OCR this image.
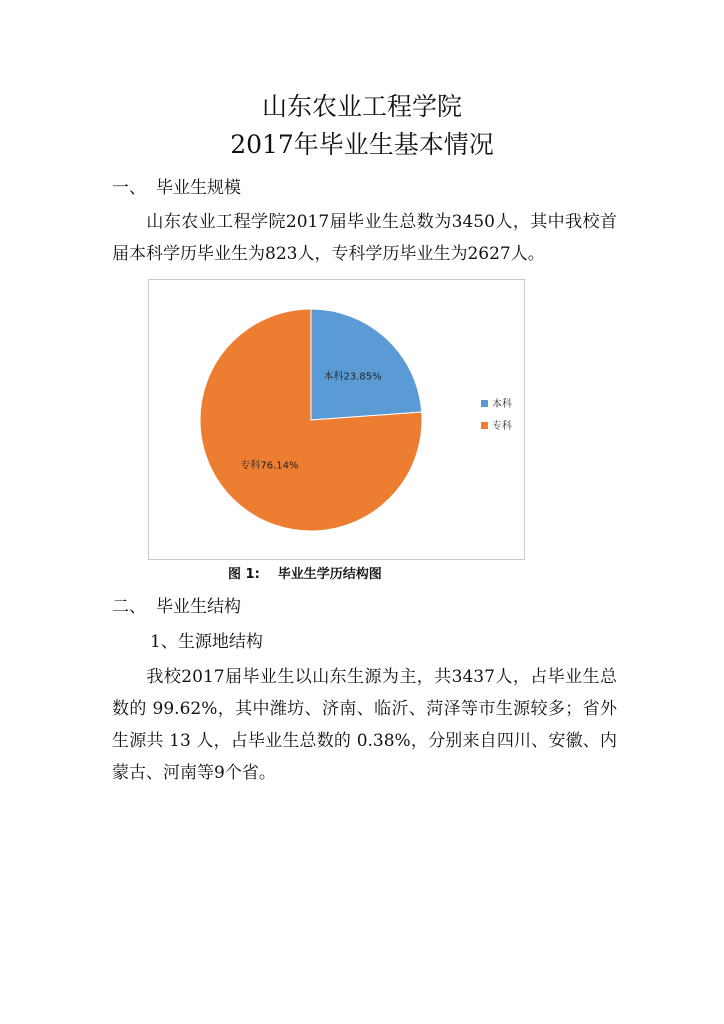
山东农业工程学院
2017年毕业生基本情况
一、 毕业生规模
山东农业工程学院2017届毕业生总数为3450人，其中我校首届本科学历毕业生为823人，专科学历毕业生为2627人。
本科23.85%
专科76.14%
本科
专科
图 1: 毕业生学历结构图
二、 毕业生结构
1、生源地结构
我校2017届毕业生以山东生源为主，共3437人，占毕业生总数的 99.62%，其中潍坊、济南、临沂、菏泽等市生源较多；省外生源共 13 人，占毕业生总数的 0.38%，分别来自四川、安徽、内蒙古、河南等9个省。
